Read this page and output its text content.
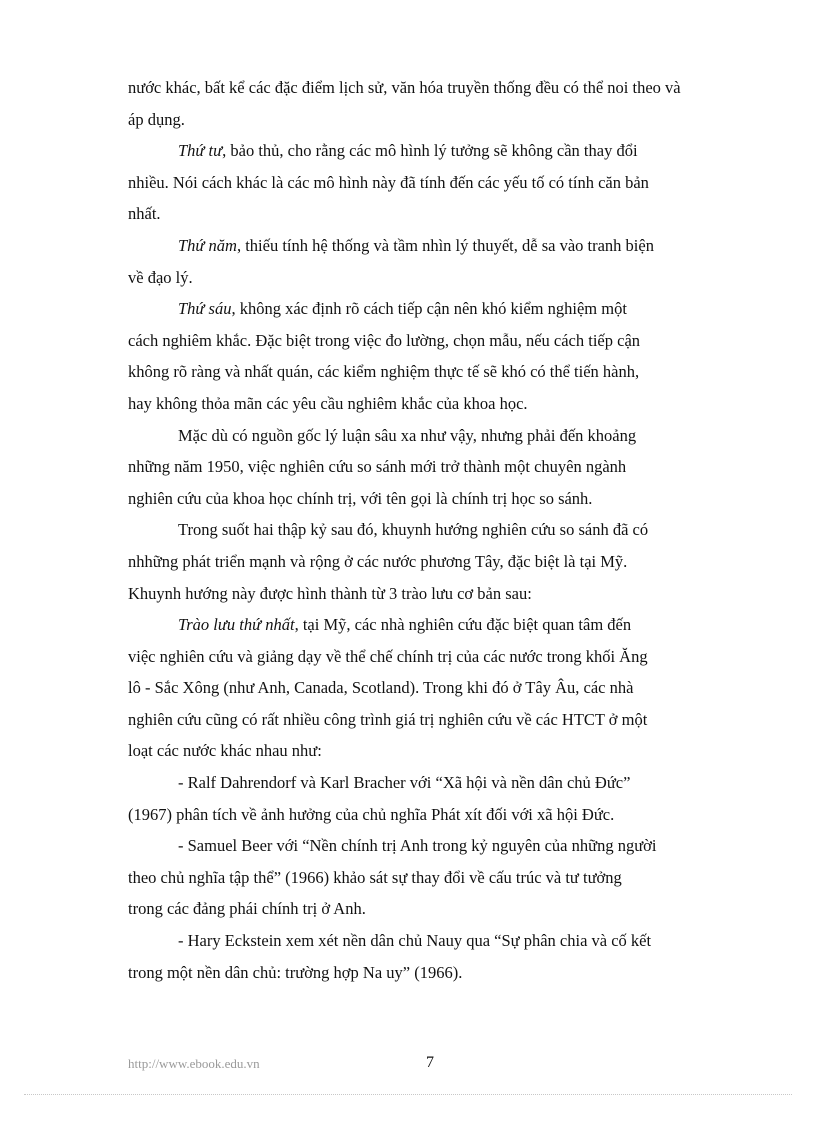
nước khác, bất kể các đặc điểm lịch sử, văn hóa truyền thống đều có thể noi theo và
áp dụng.
Thứ tư, bảo thủ, cho rằng các mô hình lý tưởng sẽ không cần thay đổi
nhiều. Nói cách khác là các mô hình này đã tính đến các yếu tố có tính căn bản
nhất.
Thứ năm, thiếu tính hệ thống và tầm nhìn lý thuyết, dễ sa vào tranh biện
về đạo lý.
Thứ sáu, không xác định rõ cách tiếp cận nên khó kiểm nghiệm một
cách nghiêm khắc. Đặc biệt trong việc đo lường, chọn mẫu, nếu cách tiếp cận
không rõ ràng và nhất quán, các kiểm nghiệm thực tế sẽ khó có thể tiến hành,
hay không thỏa mãn các yêu cầu nghiêm khắc của khoa học.
Mặc dù có nguồn gốc lý luận sâu xa như vậy, nhưng phải đến khoảng
những năm 1950, việc nghiên cứu so sánh mới trở thành một chuyên ngành
nghiên cứu của khoa học chính trị, với tên gọi là chính trị học so sánh.
Trong suốt hai thập kỷ sau đó, khuynh hướng nghiên cứu so sánh đã có
nhhững phát triển mạnh và rộng ở các nước phương Tây, đặc biệt là tại Mỹ.
Khuynh hướng này được hình thành từ 3 trào lưu cơ bản sau:
Trào lưu thứ nhất, tại Mỹ, các nhà nghiên cứu đặc biệt quan tâm đến
việc nghiên cứu và giảng dạy về thể chế chính trị của các nước trong khối Ăng
lô - Sắc Xông (như Anh, Canada, Scotland). Trong khi đó ở Tây Âu, các nhà
nghiên cứu cũng có rất nhiều công trình giá trị nghiên cứu về các HTCT ở một
loạt các nước khác nhau như:
- Ralf Dahrendorf và Karl Bracher với “Xã hội và nền dân chủ Đức”
(1967) phân tích về ảnh hưởng của chủ nghĩa Phát xít đối với xã hội Đức.
- Samuel Beer với “Nền chính trị Anh trong kỷ nguyên của những người
theo chủ nghĩa tập thể” (1966) khảo sát sự thay đổi về cấu trúc và tư tưởng
trong các đảng phái chính trị ở Anh.
- Hary Eckstein xem xét nền dân chủ Nauy qua “Sự phân chia và cố kết
trong một nền dân chủ: trường hợp Na uy” (1966).
http://www.ebook.edu.vn	7
